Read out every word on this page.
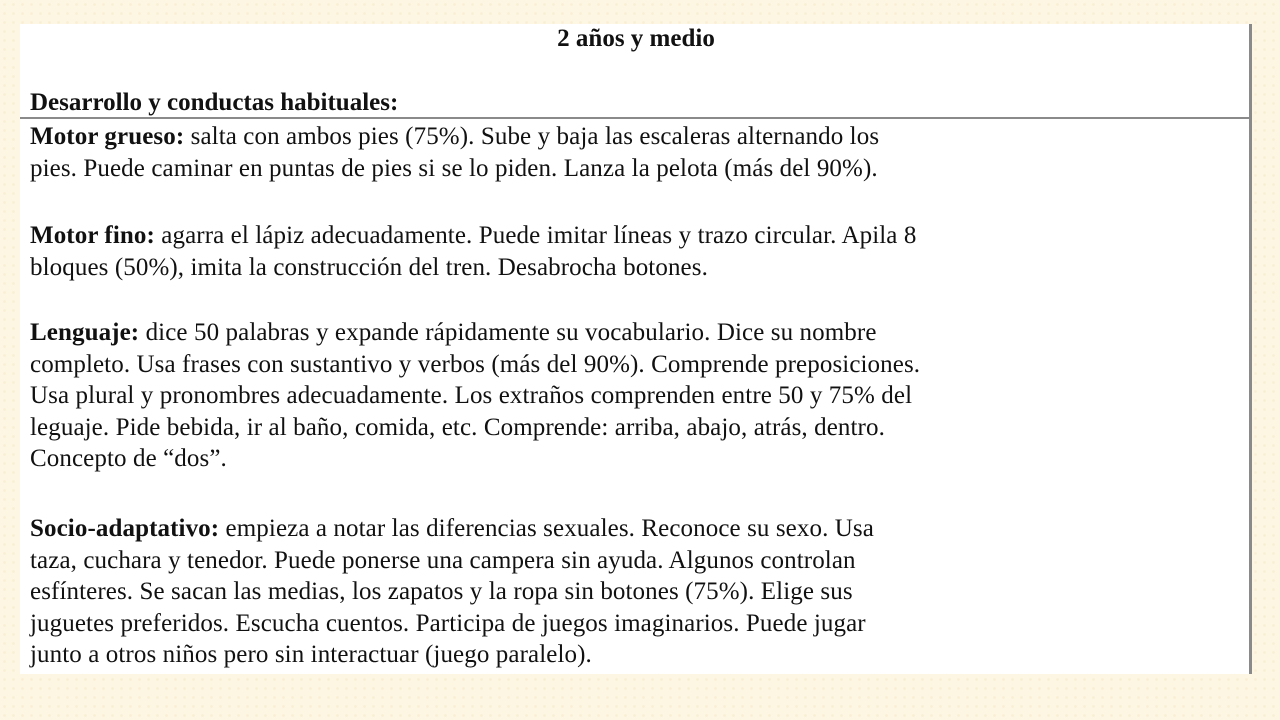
2 años y medio

Desarrollo y conductas habituales:

Motor grueso: salta con ambos pies (75%). Sube y baja las escaleras alternando los
pies. Puede caminar en puntas de pies si se lo piden. Lanza la pelota (más del 90%).

Motor fino: agarra el lápiz adecuadamente. Puede imitar líneas y trazo circular. Apila 8
bloques (50%), imita la construcción del tren. Desabrocha botones.

Lenguaje: dice 50 palabras y expande rápidamente su vocabulario. Dice su nombre
completo. Usa frases con sustantivo y verbos (más del 90%). Comprende preposiciones.
Usa plural y pronombres adecuadamente. Los extraños comprenden entre 50 y 75% del
leguaje. Pide bebida, ir al baño, comida, etc. Comprende: arriba, abajo, atrás, dentro.
Concepto de “dos”.

Socio-adaptativo: empieza a notar las diferencias sexuales. Reconoce su sexo. Usa
taza, cuchara y tenedor. Puede ponerse una campera sin ayuda. Algunos controlan
esfínteres. Se sacan las medias, los zapatos y la ropa sin botones (75%). Elige sus
juguetes preferidos. Escucha cuentos. Participa de juegos imaginarios. Puede jugar
junto a otros niños pero sin interactuar (juego paralelo).
